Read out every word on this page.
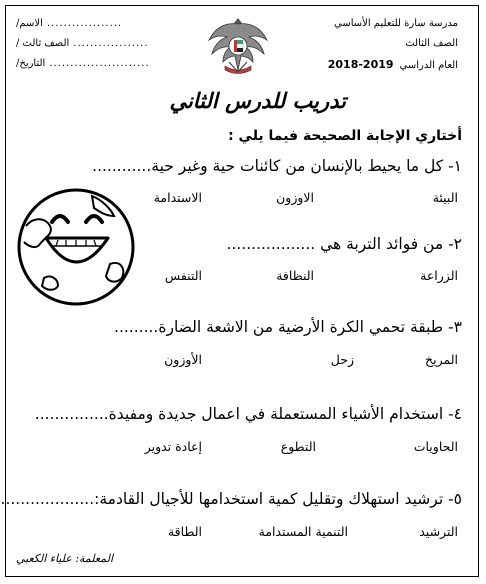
مدرسة سارة للتعليم الأساسي
الصف الثالث
العام الدراسي
2018-2019
..................
الاسم/
..................
الصف ثالث /
........................
التاريخ/
تدريب للدرس الثاني
أختاري الإجابة الصحيحة فيما يلي :
١- كل ما يحيط بالإنسان من كائنات حية وغير حية............
البيئة
الاوزون
الاستدامة
٢- من فوائد التربة هي ..................
الزراعة
النظافة
التنفس
٣- طبقة تحمي الكرة الأرضية من الاشعة الضارة.........
المريخ
زحل
الأوزون
٤- استخدام الأشياء المستعملة في اعمال جديدة ومفيدة...............
الحاويات
التطوع
إعادة تدوير
٥- ترشيد استهلاك وتقليل كمية استخدامها للأجيال القادمة:...................
الترشيد
التنمية المستدامة
الطاقة
المعلمة: علياء الكعبي
